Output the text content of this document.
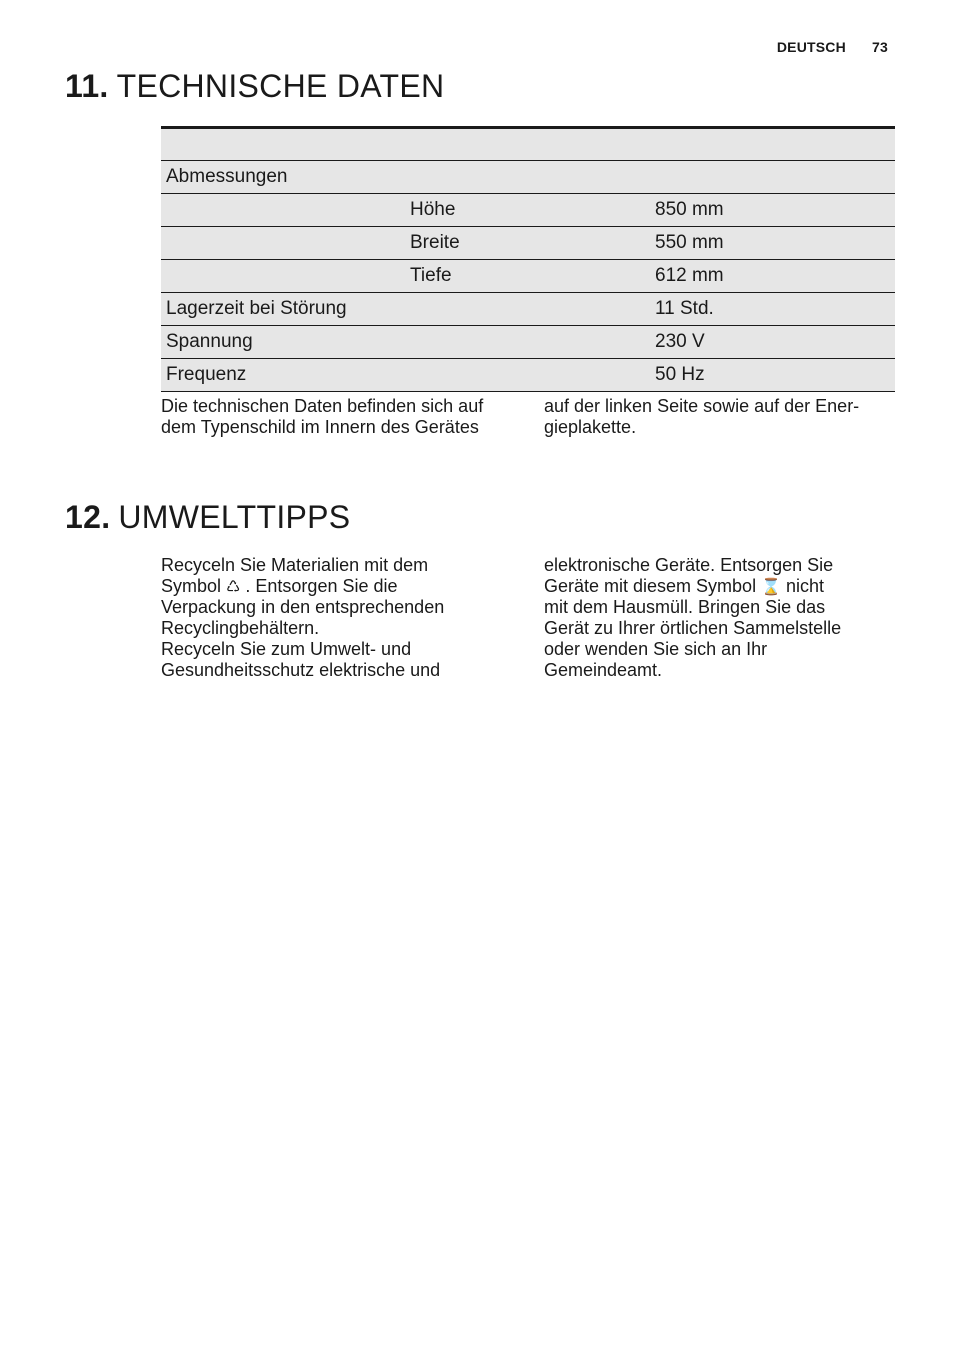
DEUTSCH 73
11. TECHNISCHE DATEN

Abmessungen		
	Höhe	850 mm
	Breite	550 mm
	Tiefe	612 mm
Lagerzeit bei Störung		11 Std.
Spannung		230 V
Frequenz		50 Hz

Die technischen Daten befinden sich auf
dem Typenschild im Innern des Gerätes

auf der linken Seite sowie auf der Ener-
gieplakette.

12. UMWELTTIPPS

Recyceln Sie Materialien mit dem
Symbol ♺ . Entsorgen Sie die
Verpackung in den entsprechenden
Recyclingbehältern.
Recyceln Sie zum Umwelt- und
Gesundheitsschutz elektrische und

elektronische Geräte. Entsorgen Sie
Geräte mit diesem Symbol ⌛ nicht
mit dem Hausmüll. Bringen Sie das
Gerät zu Ihrer örtlichen Sammelstelle
oder wenden Sie sich an Ihr
Gemeindeamt.
